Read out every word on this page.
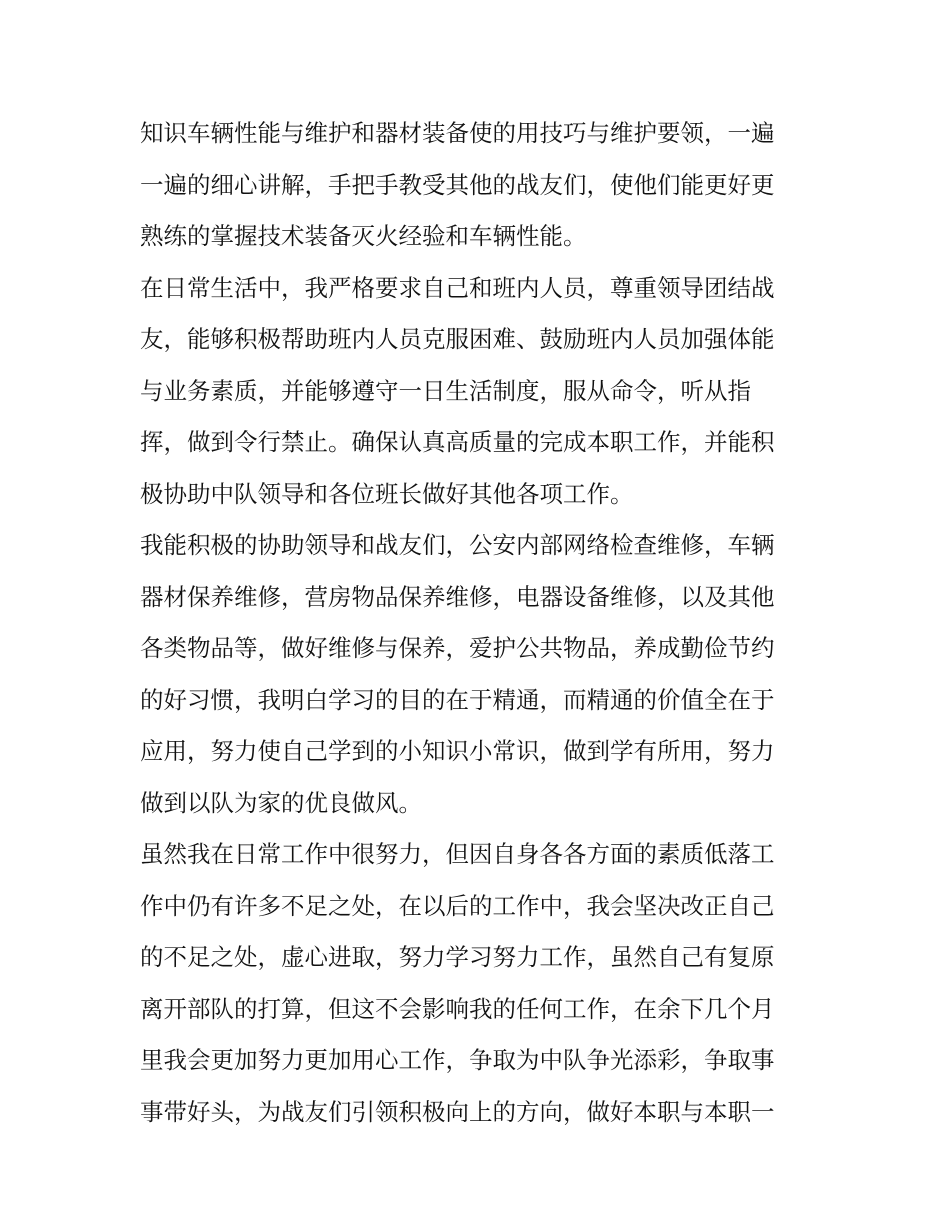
知识车辆性能与维护和器材装备使的用技巧与维护要领，一遍
一遍的细心讲解，手把手教受其他的战友们，使他们能更好更
熟练的掌握技术装备灭火经验和车辆性能。
在日常生活中，我严格要求自己和班内人员，尊重领导团结战
友，能够积极帮助班内人员克服困难、鼓励班内人员加强体能
与业务素质，并能够遵守一日生活制度，服从命令，听从指
挥，做到令行禁止。确保认真高质量的完成本职工作，并能积
极协助中队领导和各位班长做好其他各项工作。
我能积极的协助领导和战友们，公安内部网络检查维修，车辆
器材保养维修，营房物品保养维修，电器设备维修，以及其他
各类物品等，做好维修与保养，爱护公共物品，养成勤俭节约
的好习惯，我明白学习的目的在于精通，而精通的价值全在于
应用，努力使自己学到的小知识小常识，做到学有所用，努力
做到以队为家的优良做风。
虽然我在日常工作中很努力，但因自身各各方面的素质低落工
作中仍有许多不足之处，在以后的工作中，我会坚决改正自己
的不足之处，虚心进取，努力学习努力工作，虽然自己有复原
离开部队的打算，但这不会影响我的任何工作，在余下几个月
里我会更加努力更加用心工作，争取为中队争光添彩，争取事
事带好头，为战友们引领积极向上的方向，做好本职与本职一
